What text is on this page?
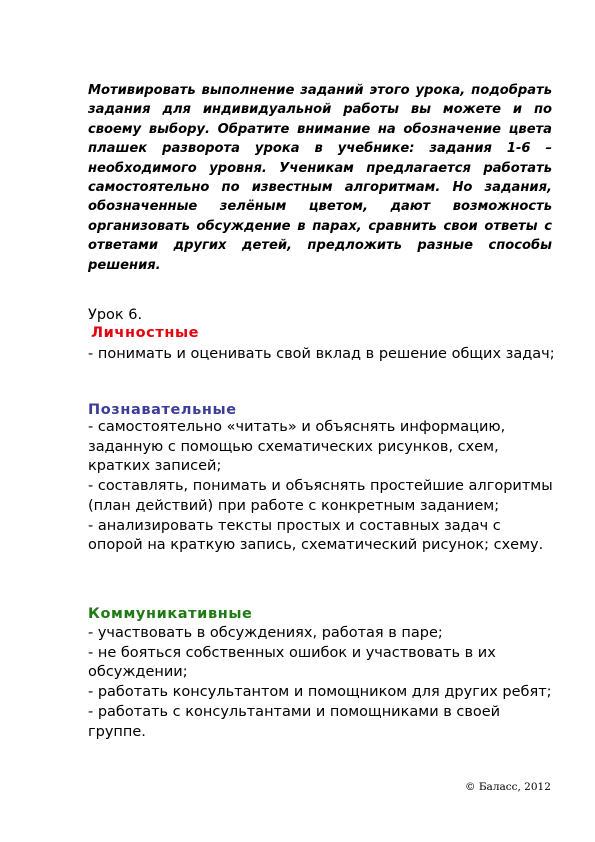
Мотивировать выполнение заданий этого урока, подобрать задания для индивидуальной работы вы можете и по своему выбору. Обратите внимание на обозначение цвета плашек разворота урока в учебнике: задания 1-6 – необходимого уровня. Ученикам предлагается работать самостоятельно по известным алгоритмам. Но задания, обозначенные зелёным цветом, дают возможность организовать обсуждение в парах, сравнить свои ответы с ответами других детей, предложить разные способы решения.

Урок 6.

Личностные

- понимать и оценивать свой вклад в решение общих задач;

Познавательные

- самостоятельно «читать» и объяснять информацию, заданную с помощью схематических рисунков, схем, кратких записей;
- составлять, понимать и объяснять простейшие алгоритмы (план действий) при работе с конкретным заданием;
- анализировать тексты простых и составных задач с опорой на краткую запись, схематический рисунок; схему.

Коммуникативные

- участвовать в обсуждениях, работая в паре;
- не бояться собственных ошибок и участвовать в их обсуждении;
- работать консультантом и помощником для других ребят;
- работать с консультантами и помощниками в своей группе.
© Баласс, 2012
